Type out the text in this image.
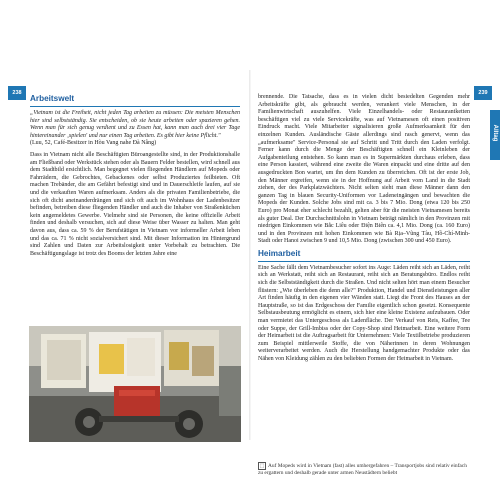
238	239
Alltag
Arbeitswelt

„Vietnam ist die Freiheit, nicht jeden Tag arbeiten zu müssen: Die meisten Menschen hier sind selbstständig. Sie entscheiden, ob sie heute arbeiten oder spazieren gehen. Wenn man für sich genug verdient und zu Essen hat, kann man auch drei vier Tage hintereinander ‚spielen' und nur einen Tag arbeiten. Es gibt hier keine Pflicht."

(Luu, 52, Café-Besitzer in Hòu Vang nahe Đà Nẵng)

Dass in Vietnam nicht alle Beschäftigten Büroangestellte sind, in der Produktionshalle am Fließband oder Werkstück stehen oder als Bauern Felder bestellen, wird schnell aus dem Stadtbild ersichtlich. Man begegnet vielen fliegenden Händlern auf Mopeds oder Fahrrädern, die Gebrochtes, Gebackenes oder selbst Produziertes feilbieten. Oft machen Trebänder, die am Gefährt befestigt sind und in Dauerschleife laufen, auf sie und die verkauften Waren aufmerksam. Anders als die privaten Familienbetriebe, die sich oft dicht aneinanderdrängen und sich oft auch im Wohnhaus der Ladenbesitzer befinden, betreiben diese fliegenden Händler und auch die Inhaber von Straßenküchen kein angemeldetes Gewerbe. Vielmehr sind sie Personen, die keine offizielle Arbeit finden und deshalb versuchen, sich auf diese Weise über Wasser zu halten. Man geht davon aus, dass ca. 59 % der Berufstätigen in Vietnam vor informeller Arbeit leben und das ca. 71 % nicht sozialversichert sind. Mit dieser Information im Hintergrund sind Zahlen und Daten zur Arbeitslosigkeit unter Vorbehalt zu betrachten. Die Beschäftigungslage ist trotz des Booms der letzten Jahre eine

brennende. Die Tatsache, dass es in vielen dicht besiedelten Gegenden mehr Arbeitskräfte gibt, als gebraucht werden, verankert viele Menschen, in der Familienwirtschaft auszuhelfen. Viele Einzelhandels- oder Restaurantketten beschäftigen viel zu viele Servicekräfte, was auf Vietnamesen oft einen positiven Eindruck macht. Viele Mitarbeiter signalisieren große Aufmerksamkeit für den einzelnen Kunden. Ausländische Gäste allerdings sind rasch genervt, wenn das „aufmerksame" Service-Personal sie auf Schritt und Tritt durch den Laden verfolgt. Ferner kann durch die Menge der Beschäftigten schnell ein Kleinleben der Aufgabenteilung entstehen. So kann man es in Supermärkten durchaus erleben, dass eine Person kassiert, während eine zweite die Waren einpackt und eine dritte auf den ausgedruckten Bon wartet, um ihn dem Kunden zu überreichen. Oft ist der erste Job, den Männer ergreifen, wenn sie in der Hoffnung auf Arbeit vom Land in die Stadt ziehen, der des Parkplatzwächters. Nicht selten sieht man diese Männer dann den ganzen Tag in blauen Security-Uniformen vor Ladeneingängen und bewachten die Mopeds der Kunden. Solche Jobs sind mit ca. 3 bis 7 Mio. Dong (etwa 120 bis 250 Euro) pro Monat eher schlecht bezahlt, gelten aber für die meisten Vietnamesen bereits als guter Deal. Der Durchschnittslohn in Vietnam beträgt nämlich in den Provinzen mit niedrigen Einkommen wie Bắc Liêu oder Điện Biên ca. 4,1 Mio. Dong (ca. 160 Euro) und in den Provinzen mit hohen Einkommen wie Bà Rịa–Vũng Tàu, Hồ-Chí-Minh-Stadt oder Hanoi zwischen 9 und 10,5 Mio. Dong (zwischen 300 und 450 Euro).

Heimarbeit

Eine Sache fällt dem Vietnambesucher sofort ins Auge: Läden reiht sich an Läden, reiht sich an Werkstatt, reiht sich an Restaurant, reiht sich an Beratungsbüro. Endlos reiht sich die Selbstständigkeit durch die Straßen. Und nicht selten hört man einem Besucher flüstern: „Wie überleben die denn alle?" Produktion, Handel und Dienstleistungen aller Art finden häufig in den eigenen vier Wänden statt. Liegt die Front des Hauses an der Hauptstraße, so ist das Erdgeschoss der Familie eigentlich schon gesetzt. Konsequente Selbstausbeutung ermöglicht es einem, sich hier eine kleine Existenz aufzubauen. Oder man vermietet das Untergeschoss als Ladenfläche. Der Verkauf von Reis, Kaffee, Tee oder Suppe, der Grill-Imbiss oder der Copy-Shop sind Heimarbeit. Eine weitere Form der Heimarbeit ist die Auftragsarbeit für Unternehmen: Viele Textilbetriebe produzieren zum Beispiel mittlerweile Stoffe, die von Näherinnen in deren Wohnungen weiterverarbeitet werden. Auch die Herstellung handgemachter Produkte oder das Nähen von Kleidung zählen zu den beliebten Formen der Heimarbeit in Vietnam.

⬚ Auf Mopeds wird in Vietnam (fast) alles umhergefahren – Transportjobs sind relativ einfach zu ergattern und deshalb gerade unter armen Neustädtern beliebt
